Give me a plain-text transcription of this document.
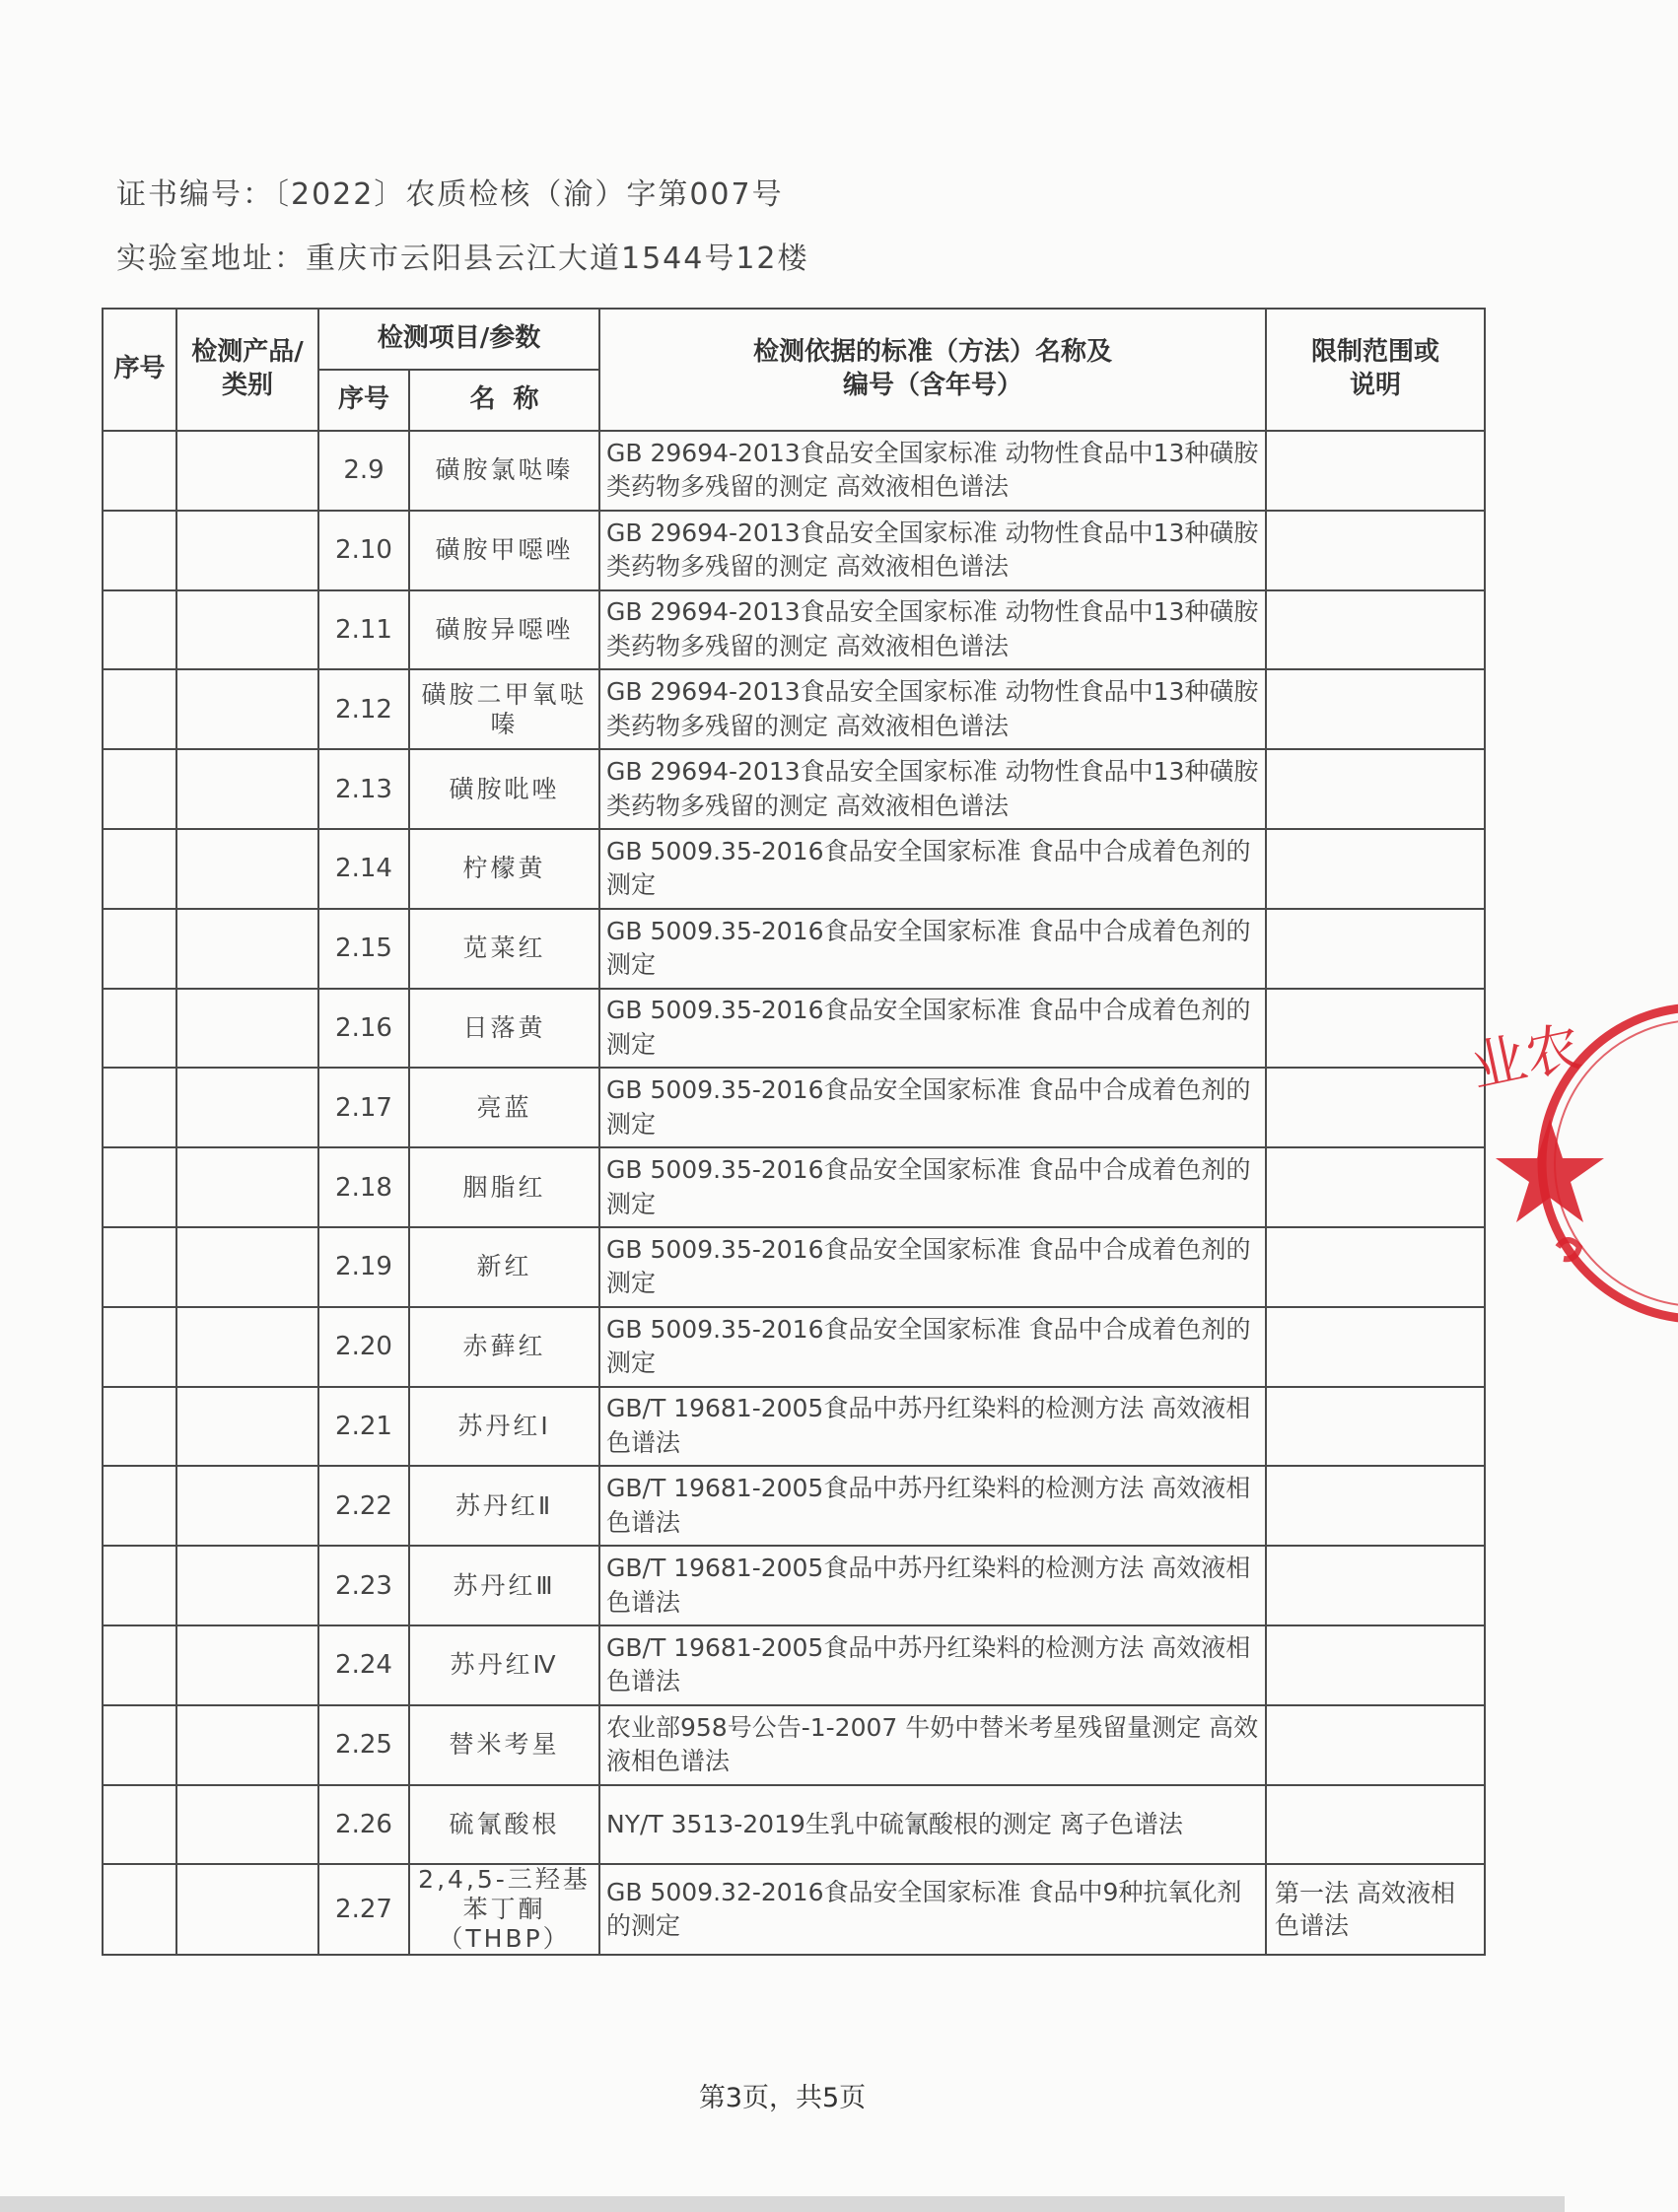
证书编号：〔2022〕农质检核（渝）字第007号
实验室地址：重庆市云阳县云江大道1544号12楼
序号	检测产品/类别	检测项目/参数		检测依据的标准（方法）名称及编号（含年号）	限制范围或说明
		序号	名  称		
		2.9	磺胺氯哒嗪	GB 29694-2013食品安全国家标准 动物性食品中13种磺胺类药物多残留的测定 高效液相色谱法	
		2.10	磺胺甲噁唑	GB 29694-2013食品安全国家标准 动物性食品中13种磺胺类药物多残留的测定 高效液相色谱法	
		2.11	磺胺异噁唑	GB 29694-2013食品安全国家标准 动物性食品中13种磺胺类药物多残留的测定 高效液相色谱法	
		2.12	磺胺二甲氧哒嗪	GB 29694-2013食品安全国家标准 动物性食品中13种磺胺类药物多残留的测定 高效液相色谱法	
		2.13	磺胺吡唑	GB 29694-2013食品安全国家标准 动物性食品中13种磺胺类药物多残留的测定 高效液相色谱法	
		2.14	柠檬黄	GB 5009.35-2016食品安全国家标准 食品中合成着色剂的测定	
		2.15	苋菜红	GB 5009.35-2016食品安全国家标准 食品中合成着色剂的测定	
		2.16	日落黄	GB 5009.35-2016食品安全国家标准 食品中合成着色剂的测定	
		2.17	亮蓝	GB 5009.35-2016食品安全国家标准 食品中合成着色剂的测定	
		2.18	胭脂红	GB 5009.35-2016食品安全国家标准 食品中合成着色剂的测定	
		2.19	新红	GB 5009.35-2016食品安全国家标准 食品中合成着色剂的测定	
		2.20	赤藓红	GB 5009.35-2016食品安全国家标准 食品中合成着色剂的测定	
		2.21	苏丹红Ⅰ	GB/T 19681-2005食品中苏丹红染料的检测方法 高效液相色谱法	
		2.22	苏丹红Ⅱ	GB/T 19681-2005食品中苏丹红染料的检测方法 高效液相色谱法	
		2.23	苏丹红Ⅲ	GB/T 19681-2005食品中苏丹红染料的检测方法 高效液相色谱法	
		2.24	苏丹红Ⅳ	GB/T 19681-2005食品中苏丹红染料的检测方法 高效液相色谱法	
		2.25	替米考星	农业部958号公告-1-2007 牛奶中替米考星残留量测定 高效液相色谱法	
		2.26	硫氰酸根	NY/T 3513-2019生乳中硫氰酸根的测定 离子色谱法	
		2.27	2,4,5-三羟基苯丁酮（THBP）	GB 5009.32-2016食品安全国家标准 食品中9种抗氧化剂的测定	第一法 高效液相色谱法
业农
第3页，共5页
